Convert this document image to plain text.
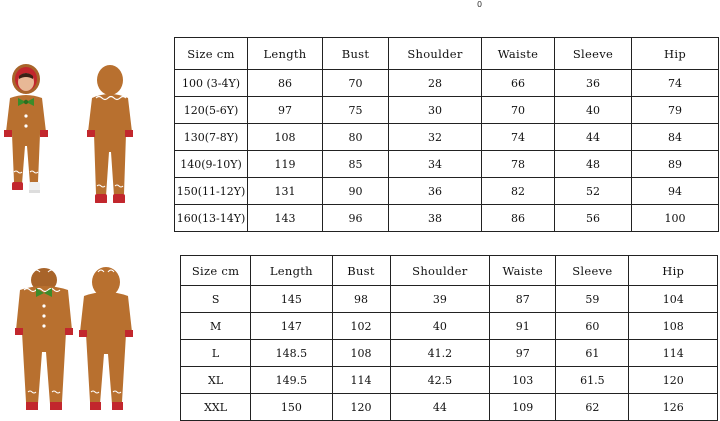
0
Size cm	Length	Bust	Shoulder	Waiste	Sleeve	Hip
100 (3-4Y)	86	70	28	66	36	74
120(5-6Y)	97	75	30	70	40	79
130(7-8Y)	108	80	32	74	44	84
140(9-10Y)	119	85	34	78	48	89
150(11-12Y)	131	90	36	82	52	94
160(13-14Y)	143	96	38	86	56	100
Size cm	Length	Bust	Shoulder	Waiste	Sleeve	Hip
S	145	98	39	87	59	104
M	147	102	40	91	60	108
L	148.5	108	41.2	97	61	114
XL	149.5	114	42.5	103	61.5	120
XXL	150	120	44	109	62	126
